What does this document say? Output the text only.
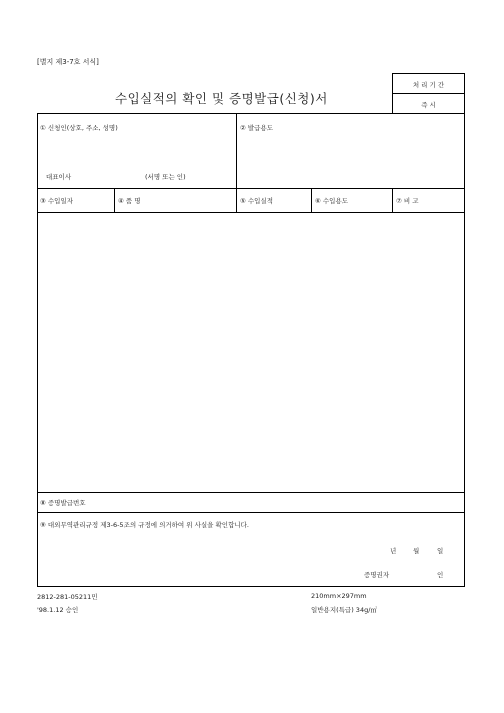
[별지 제3-7호 서식]
수입실적의 확인 및 증명발급(신청)서
처 리 기 간
즉 시
① 신청인(상호, 주소, 성명)	② 발급용도
대표이사	(서명 또는 인)
③ 수입일자	④ 품 명	⑤ 수입실적	⑥ 수입용도	⑦ 비 고
⑧ 증명발급번호
⑨ 대외무역관리규정 제3-6-5조의 규정에 의거하여 위 사실을 확인합니다.
년	월	일
증명권자	인
2812-281-05211민
'98.1.12 승인
210mm×297mm
일반용지(특급) 34g/㎡
